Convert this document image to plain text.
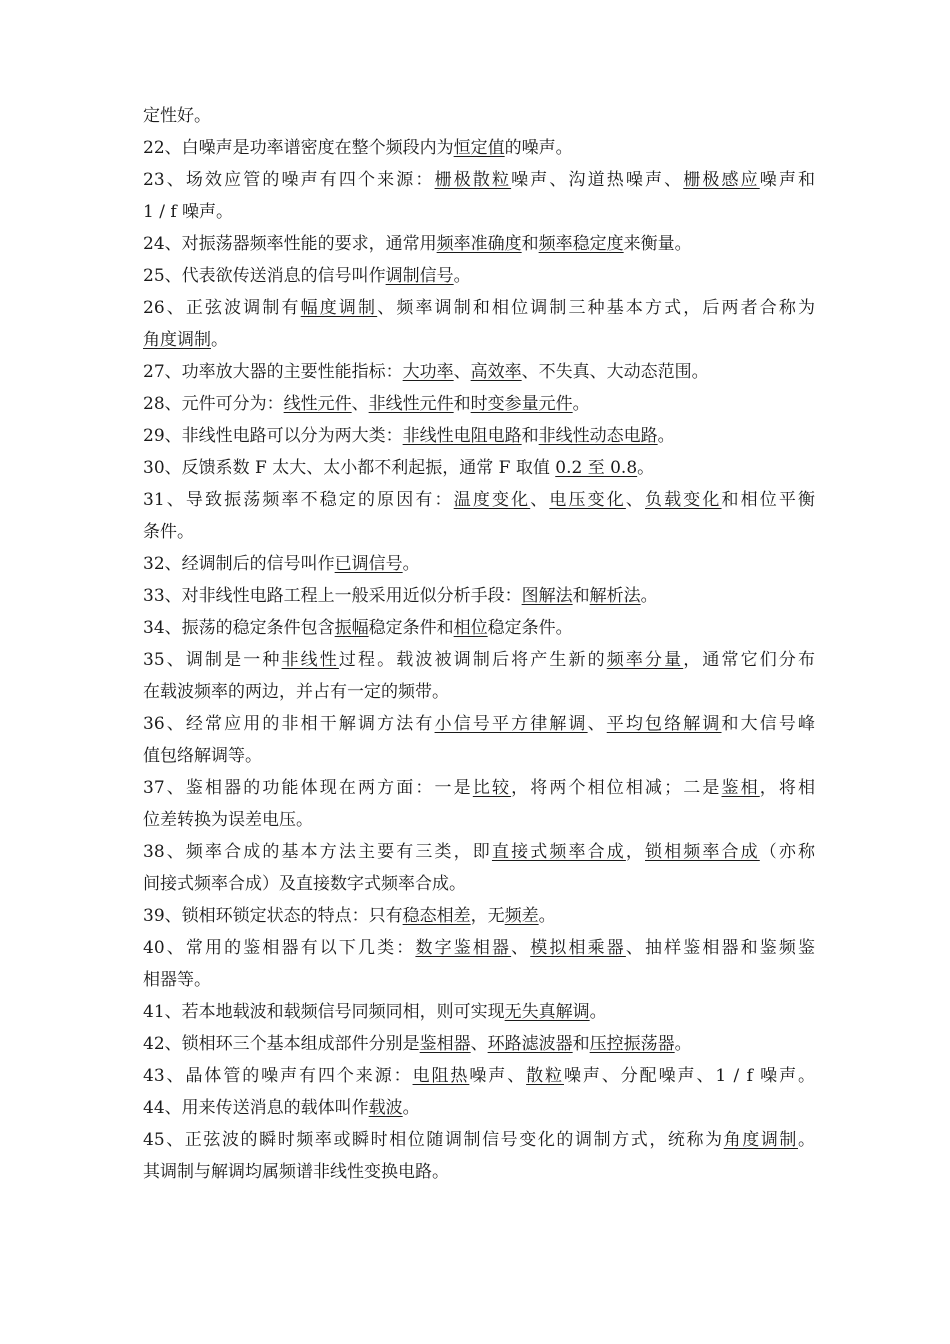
定性好。
22、白噪声是功率谱密度在整个频段内为恒定值的噪声。
23、场效应管的噪声有四个来源：栅极散粒噪声、沟道热噪声、栅极感应噪声和
1 / f 噪声。
24、对振荡器频率性能的要求，通常用频率准确度和频率稳定度来衡量。
25、代表欲传送消息的信号叫作调制信号。
26、正弦波调制有幅度调制、频率调制和相位调制三种基本方式，后两者合称为
角度调制。
27、功率放大器的主要性能指标：大功率、高效率、不失真、大动态范围。
28、元件可分为：线性元件、非线性元件和时变参量元件。
29、非线性电路可以分为两大类：非线性电阻电路和非线性动态电路。
30、反馈系数 F 太大、太小都不利起振，通常 F 取值 0.2 至 0.8。
31、导致振荡频率不稳定的原因有：温度变化、电压变化、负载变化和相位平衡
条件。
32、经调制后的信号叫作已调信号。
33、对非线性电路工程上一般采用近似分析手段：图解法和解析法。
34、振荡的稳定条件包含振幅稳定条件和相位稳定条件。
35、调制是一种非线性过程。载波被调制后将产生新的频率分量，通常它们分布
在载波频率的两边，并占有一定的频带。
36、经常应用的非相干解调方法有小信号平方律解调、平均包络解调和大信号峰
值包络解调等。
37、鉴相器的功能体现在两方面：一是比较，将两个相位相减；二是鉴相，将相
位差转换为误差电压。
38、频率合成的基本方法主要有三类，即直接式频率合成，锁相频率合成（亦称
间接式频率合成）及直接数字式频率合成。
39、锁相环锁定状态的特点：只有稳态相差，无频差。
40、常用的鉴相器有以下几类：数字鉴相器、模拟相乘器、抽样鉴相器和鉴频鉴
相器等。
41、若本地载波和载频信号同频同相，则可实现无失真解调。
42、锁相环三个基本组成部件分别是鉴相器、环路滤波器和压控振荡器。
43、晶体管的噪声有四个来源：电阻热噪声、散粒噪声、分配噪声、1 / f 噪声。
44、用来传送消息的载体叫作载波。
45、正弦波的瞬时频率或瞬时相位随调制信号变化的调制方式，统称为角度调制。
其调制与解调均属频谱非线性变换电路。
